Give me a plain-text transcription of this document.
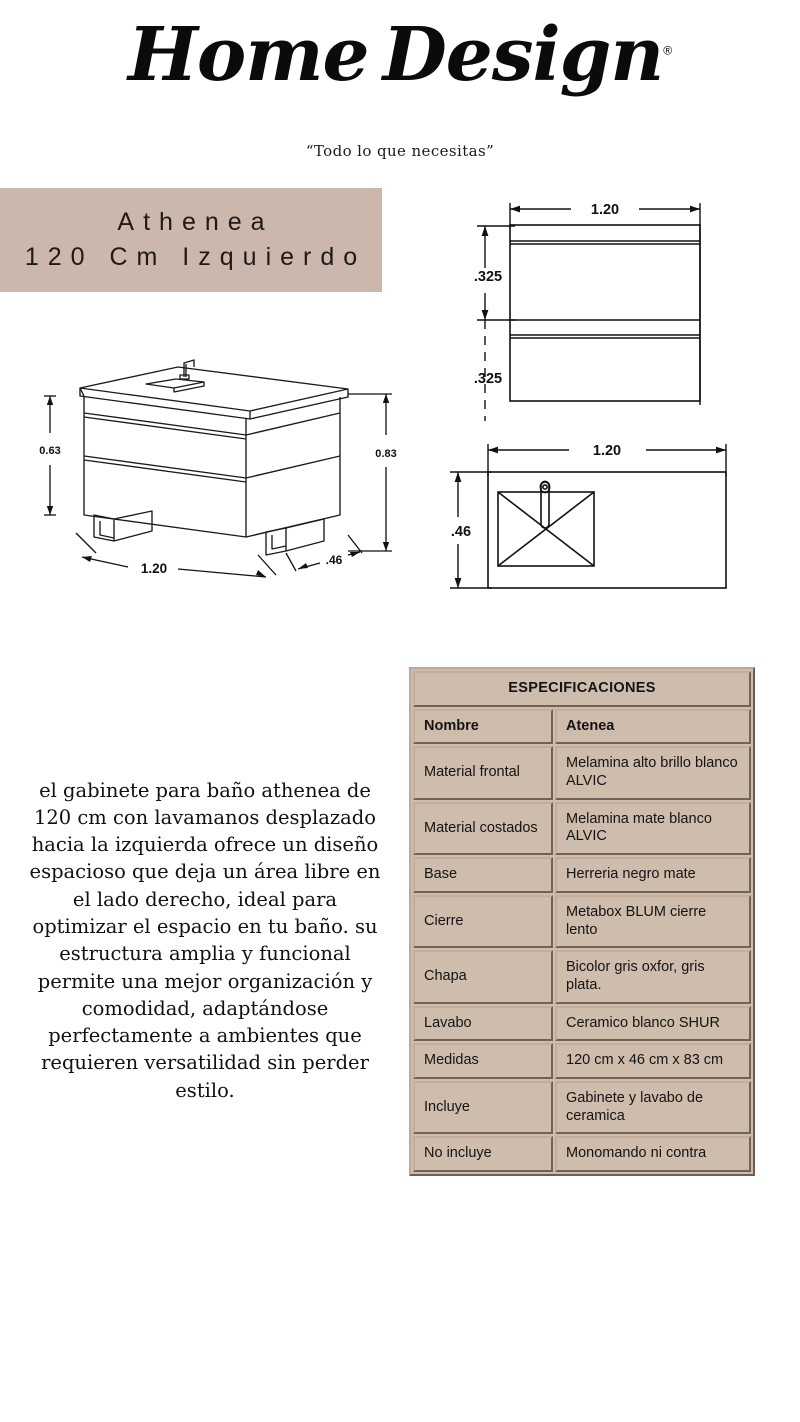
Home Design®
“Todo lo que necesitas”
Athenea
120 Cm Izquierdo
1.20
.325
.325
1.20
.46
0.63	0.83
1.20
.46

el gabinete para baño athenea de 120 cm con lavamanos desplazado hacia la izquierda ofrece un diseño espacioso que deja un área libre en el lado derecho, ideal para optimizar el espacio en tu baño. su estructura amplia y funcional permite una mejor organización y comodidad, adaptándose perfectamente a ambientes que requieren versatilidad sin perder estilo.

ESPECIFICACIONES	
Nombre	Atenea
Material frontal	Melamina alto brillo blanco ALVIC
Material costados	Melamina mate blanco ALVIC
Base	Herreria negro mate
Cierre	Metabox BLUM cierre lento
Chapa	Bicolor gris oxfor, gris plata.
Lavabo	Ceramico blanco SHUR
Medidas	120 cm x 46 cm x 83 cm
Incluye	Gabinete y lavabo de ceramica
No incluye	Monomando ni contra
